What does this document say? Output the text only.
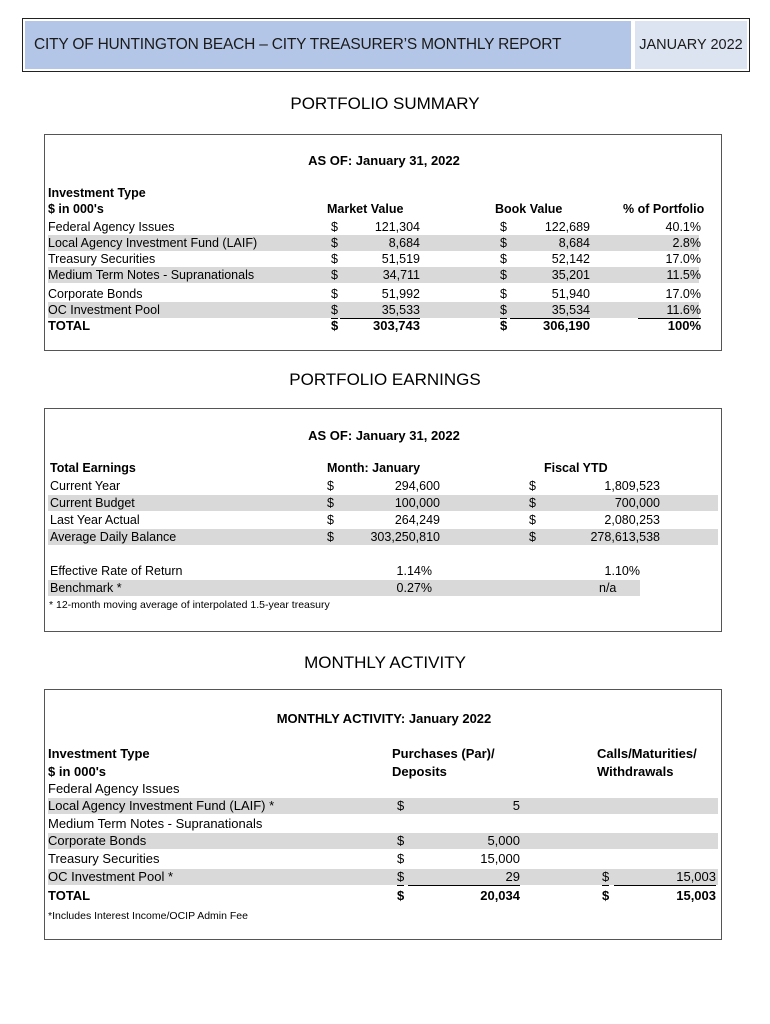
CITY OF HUNTINGTON BEACH – CITY TREASURER’S MONTHLY REPORT	JANUARY 2022
PORTFOLIO SUMMARY
AS OF: January 31, 2022
Investment Type
$ in 000's	Market Value	Book Value	% of Portfolio
Federal Agency Issues	$	121,304	$	122,689	40.1%
Local Agency Investment Fund (LAIF)	$	8,684	$	8,684	2.8%
Treasury Securities	$	51,519	$	52,142	17.0%
Medium Term Notes - Supranationals	$	34,711	$	35,201	11.5%
Corporate Bonds	$	51,992	$	51,940	17.0%
OC Investment Pool	$	35,533	$	35,534	11.6%
TOTAL	$	303,743	$	306,190	100%
PORTFOLIO EARNINGS
AS OF: January 31, 2022
Total Earnings	Month: January	Fiscal YTD
Current Year	$	294,600	$	1,809,523
Current Budget	$	100,000	$	700,000
Last Year Actual	$	264,249	$	2,080,253
Average Daily Balance	$	303,250,810	$	278,613,538
Effective Rate of Return	1.14%	1.10%
Benchmark *	0.27%	n/a
* 12-month moving average of interpolated 1.5-year treasury
MONTHLY ACTIVITY
MONTHLY ACTIVITY: January 2022
Investment Type	Purchases (Par)/	Calls/Maturities/
$ in 000's	Deposits	Withdrawals
Federal Agency Issues
Local Agency Investment Fund (LAIF) *	$	5
Medium Term Notes - Supranationals
Corporate Bonds	$	5,000
Treasury Securities	$	15,000
OC Investment Pool *	$	29	$	15,003
TOTAL	$	20,034	$	15,003
*Includes Interest Income/OCIP Admin Fee
